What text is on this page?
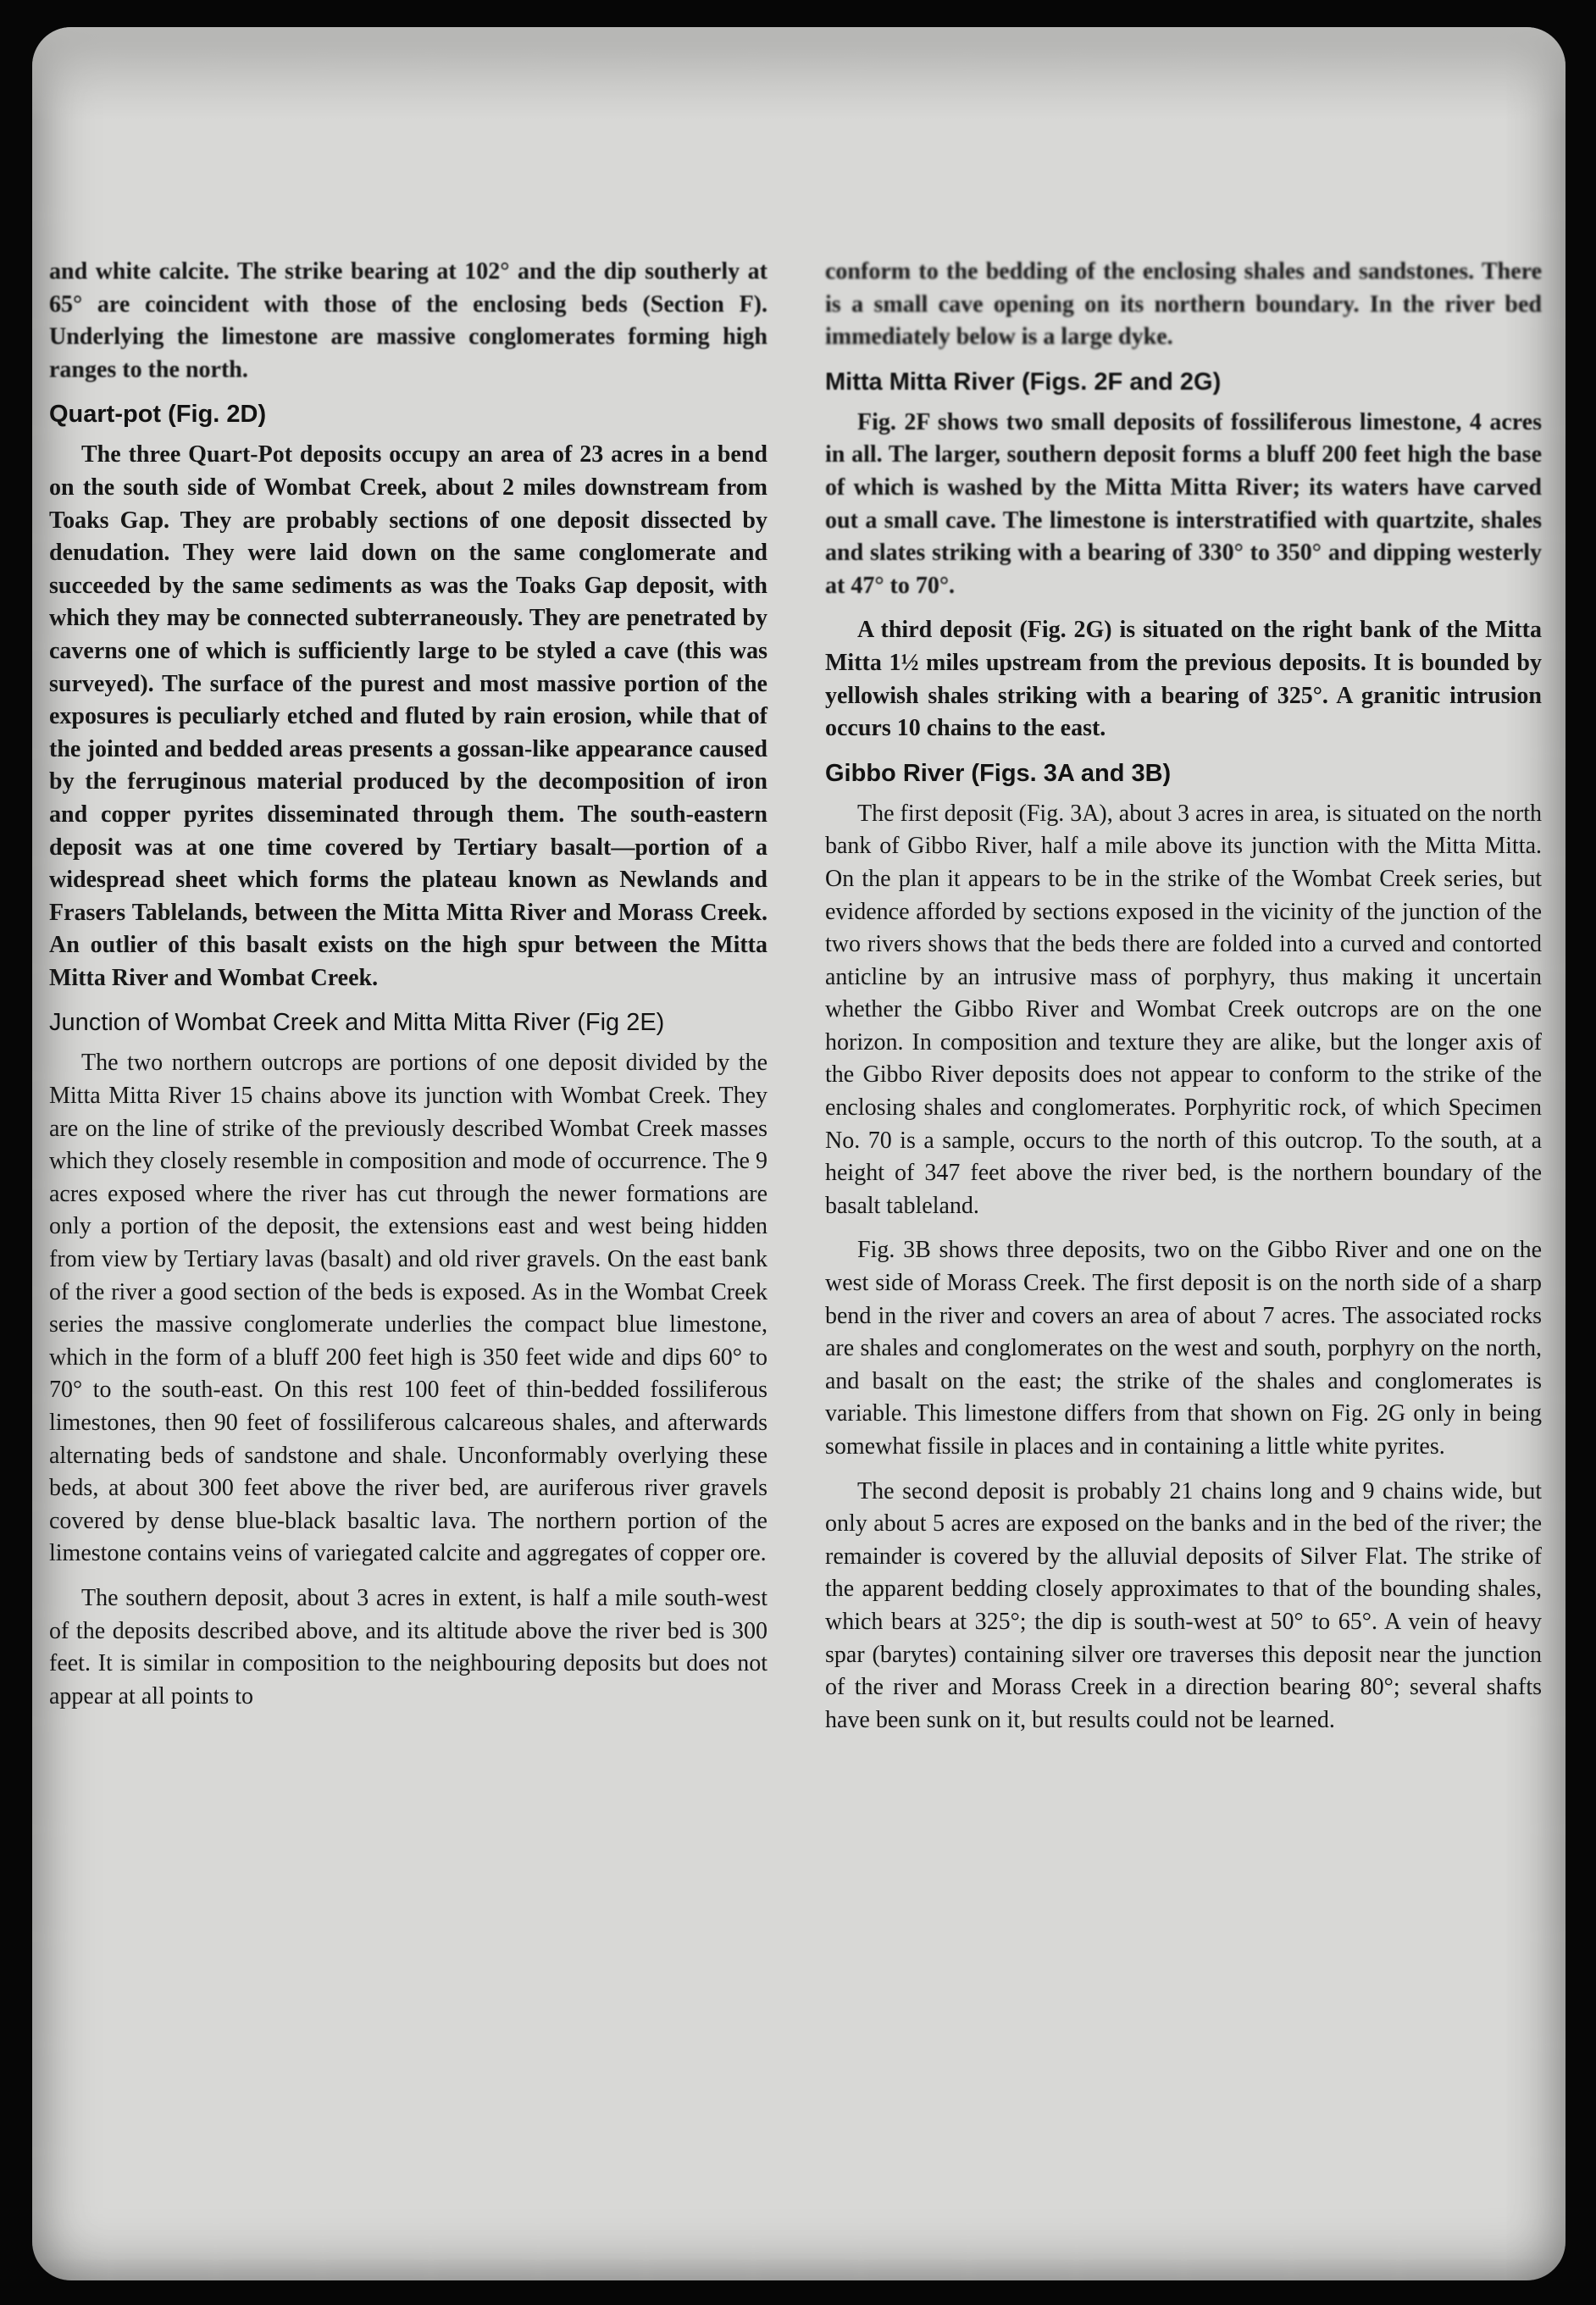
and white calcite. The strike bearing at 102° and the dip southerly at 65° are coincident with those of the enclosing beds (Section F). Underlying the limestone are massive conglomerates forming high ranges to the north.

Quart-pot (Fig. 2D)

The three Quart-Pot deposits occupy an area of 23 acres in a bend on the south side of Wombat Creek, about 2 miles downstream from Toaks Gap. They are probably sections of one deposit dissected by denudation. They were laid down on the same conglomerate and succeeded by the same sediments as was the Toaks Gap deposit, with which they may be connected subterraneously. They are penetrated by caverns one of which is sufficiently large to be styled a cave (this was surveyed). The surface of the purest and most massive portion of the exposures is peculiarly etched and fluted by rain erosion, while that of the jointed and bedded areas presents a gossan-like appearance caused by the ferruginous material produced by the decomposition of iron and copper pyrites disseminated through them. The south-eastern deposit was at one time covered by Tertiary basalt—portion of a widespread sheet which forms the plateau known as Newlands and Frasers Tablelands, between the Mitta Mitta River and Morass Creek. An outlier of this basalt exists on the high spur between the Mitta Mitta River and Wombat Creek.

Junction of Wombat Creek and Mitta Mitta River (Fig 2E)

The two northern outcrops are portions of one deposit divided by the Mitta Mitta River 15 chains above its junction with Wombat Creek. They are on the line of strike of the previously described Wombat Creek masses which they closely resemble in composition and mode of occurrence. The 9 acres exposed where the river has cut through the newer formations are only a portion of the deposit, the extensions east and west being hidden from view by Tertiary lavas (basalt) and old river gravels. On the east bank of the river a good section of the beds is exposed. As in the Wombat Creek series the massive conglomerate underlies the compact blue limestone, which in the form of a bluff 200 feet high is 350 feet wide and dips 60° to 70° to the south-east. On this rest 100 feet of thin-bedded fossiliferous limestones, then 90 feet of fossiliferous calcareous shales, and afterwards alternating beds of sandstone and shale. Unconformably overlying these beds, at about 300 feet above the river bed, are auriferous river gravels covered by dense blue-black basaltic lava. The northern portion of the limestone contains veins of variegated calcite and aggregates of copper ore.

The southern deposit, about 3 acres in extent, is half a mile south-west of the deposits described above, and its altitude above the river bed is 300 feet. It is similar in composition to the neighbouring deposits but does not appear at all points to

conform to the bedding of the enclosing shales and sandstones. There is a small cave opening on its northern boundary. In the river bed immediately below is a large dyke.

Mitta Mitta River (Figs. 2F and 2G)

Fig. 2F shows two small deposits of fossiliferous limestone, 4 acres in all. The larger, southern deposit forms a bluff 200 feet high the base of which is washed by the Mitta Mitta River; its waters have carved out a small cave. The limestone is interstratified with quartzite, shales and slates striking with a bearing of 330° to 350° and dipping westerly at 47° to 70°.

A third deposit (Fig. 2G) is situated on the right bank of the Mitta Mitta 1½ miles upstream from the previous deposits. It is bounded by yellowish shales striking with a bearing of 325°. A granitic intrusion occurs 10 chains to the east.

Gibbo River (Figs. 3A and 3B)

The first deposit (Fig. 3A), about 3 acres in area, is situated on the north bank of Gibbo River, half a mile above its junction with the Mitta Mitta. On the plan it appears to be in the strike of the Wombat Creek series, but evidence afforded by sections exposed in the vicinity of the junction of the two rivers shows that the beds there are folded into a curved and contorted anticline by an intrusive mass of porphyry, thus making it uncertain whether the Gibbo River and Wombat Creek outcrops are on the one horizon. In composition and texture they are alike, but the longer axis of the Gibbo River deposits does not appear to conform to the strike of the enclosing shales and conglomerates. Porphyritic rock, of which Specimen No. 70 is a sample, occurs to the north of this outcrop. To the south, at a height of 347 feet above the river bed, is the northern boundary of the basalt tableland.

Fig. 3B shows three deposits, two on the Gibbo River and one on the west side of Morass Creek. The first deposit is on the north side of a sharp bend in the river and covers an area of about 7 acres. The associated rocks are shales and conglomerates on the west and south, porphyry on the north, and basalt on the east; the strike of the shales and conglomerates is variable. This limestone differs from that shown on Fig. 2G only in being somewhat fissile in places and in containing a little white pyrites.

The second deposit is probably 21 chains long and 9 chains wide, but only about 5 acres are exposed on the banks and in the bed of the river; the remainder is covered by the alluvial deposits of Silver Flat. The strike of the apparent bedding closely approximates to that of the bounding shales, which bears at 325°; the dip is south-west at 50° to 65°. A vein of heavy spar (barytes) containing silver ore traverses this deposit near the junction of the river and Morass Creek in a direction bearing 80°; several shafts have been sunk on it, but results could not be learned.
